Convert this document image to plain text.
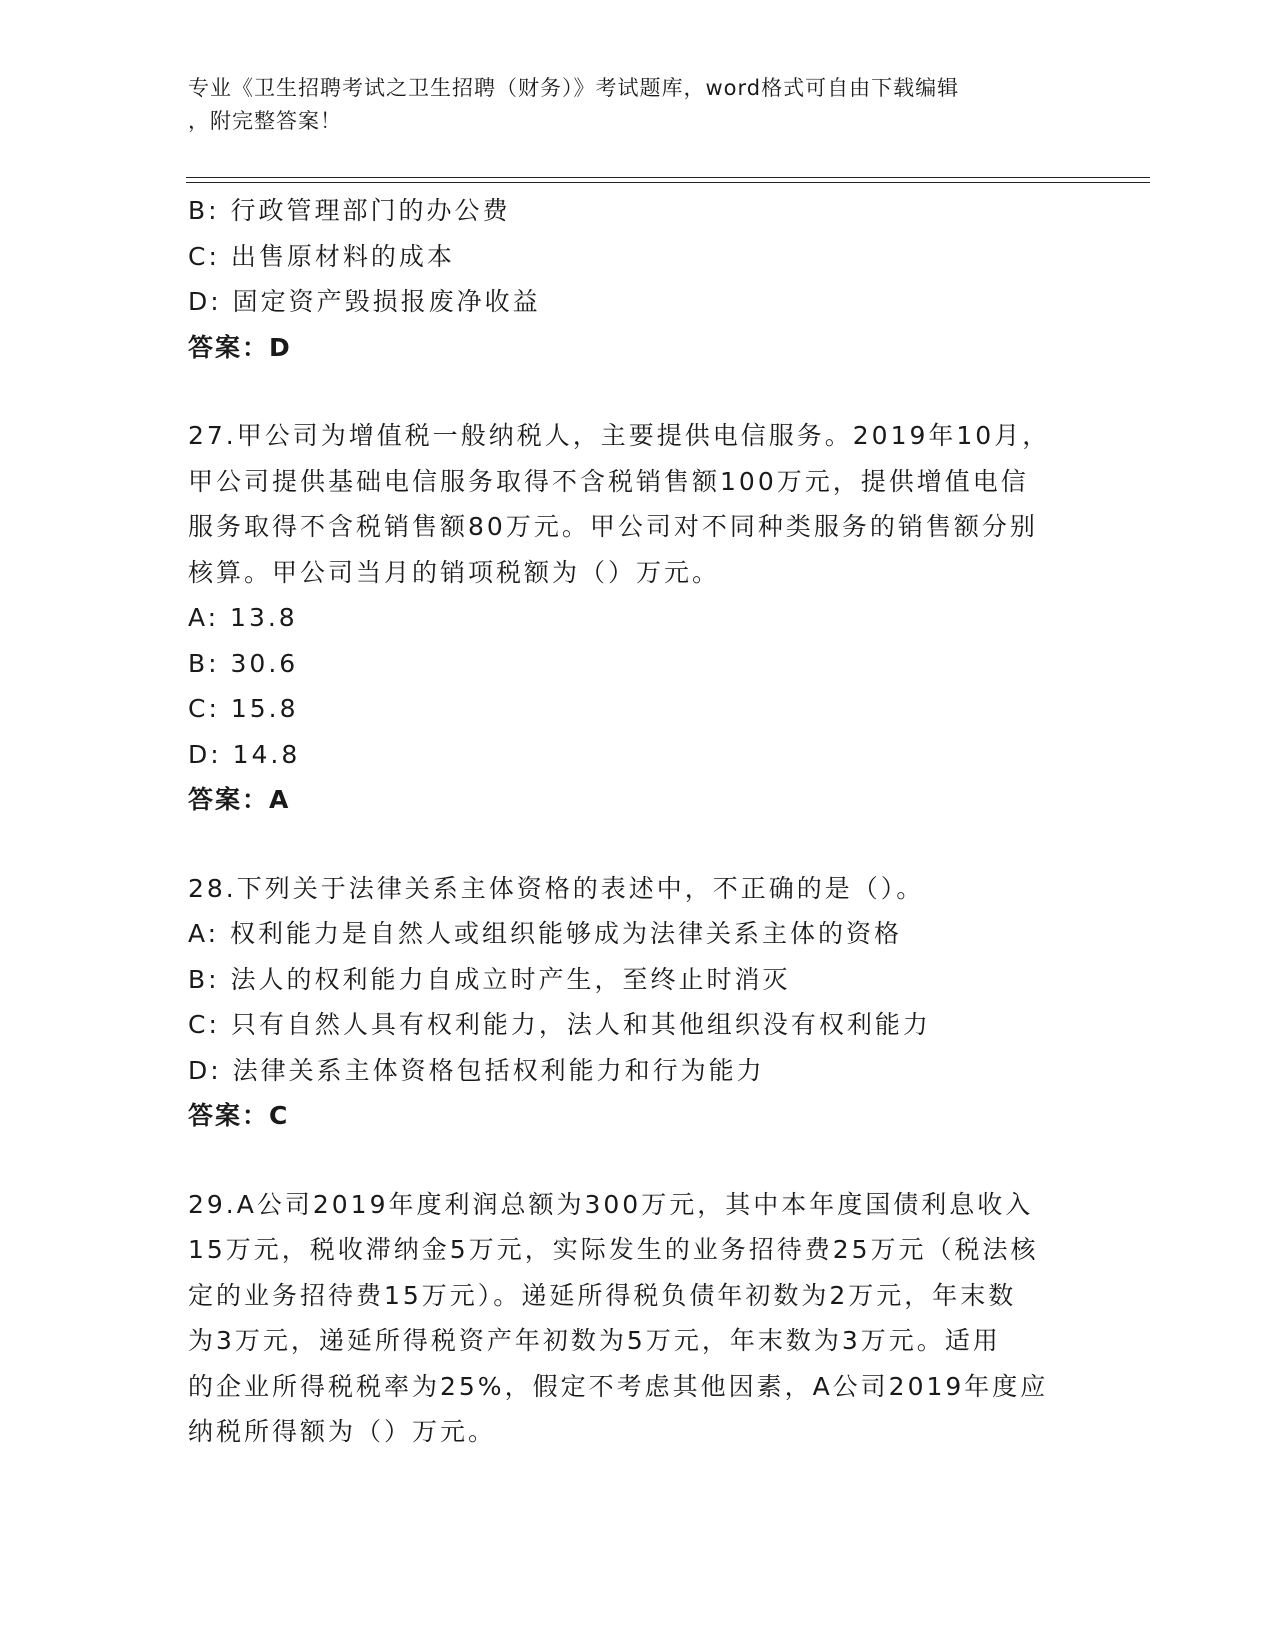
专业《卫生招聘考试之卫生招聘（财务）》考试题库，word格式可自由下载编辑
，附完整答案！
B: 行政管理部门的办公费
C: 出售原材料的成本
D: 固定资产毁损报废净收益
答案：D
27.甲公司为增值税一般纳税人，主要提供电信服务。2019年10月，
甲公司提供基础电信服务取得不含税销售额100万元，提供增值电信
服务取得不含税销售额80万元。甲公司对不同种类服务的销售额分别
核算。甲公司当月的销项税额为（）万元。
A: 13.8
B: 30.6
C: 15.8
D: 14.8
答案：A
28.下列关于法律关系主体资格的表述中，不正确的是（）。
A: 权利能力是自然人或组织能够成为法律关系主体的资格
B: 法人的权利能力自成立时产生，至终止时消灭
C: 只有自然人具有权利能力，法人和其他组织没有权利能力
D: 法律关系主体资格包括权利能力和行为能力
答案：C
29.A公司2019年度利润总额为300万元，其中本年度国债利息收入
15万元，税收滞纳金5万元，实际发生的业务招待费25万元（税法核
定的业务招待费15万元）。递延所得税负债年初数为2万元，年末数
为3万元，递延所得税资产年初数为5万元，年末数为3万元。适用
的企业所得税税率为25%，假定不考虑其他因素，A公司2019年度应
纳税所得额为（）万元。
